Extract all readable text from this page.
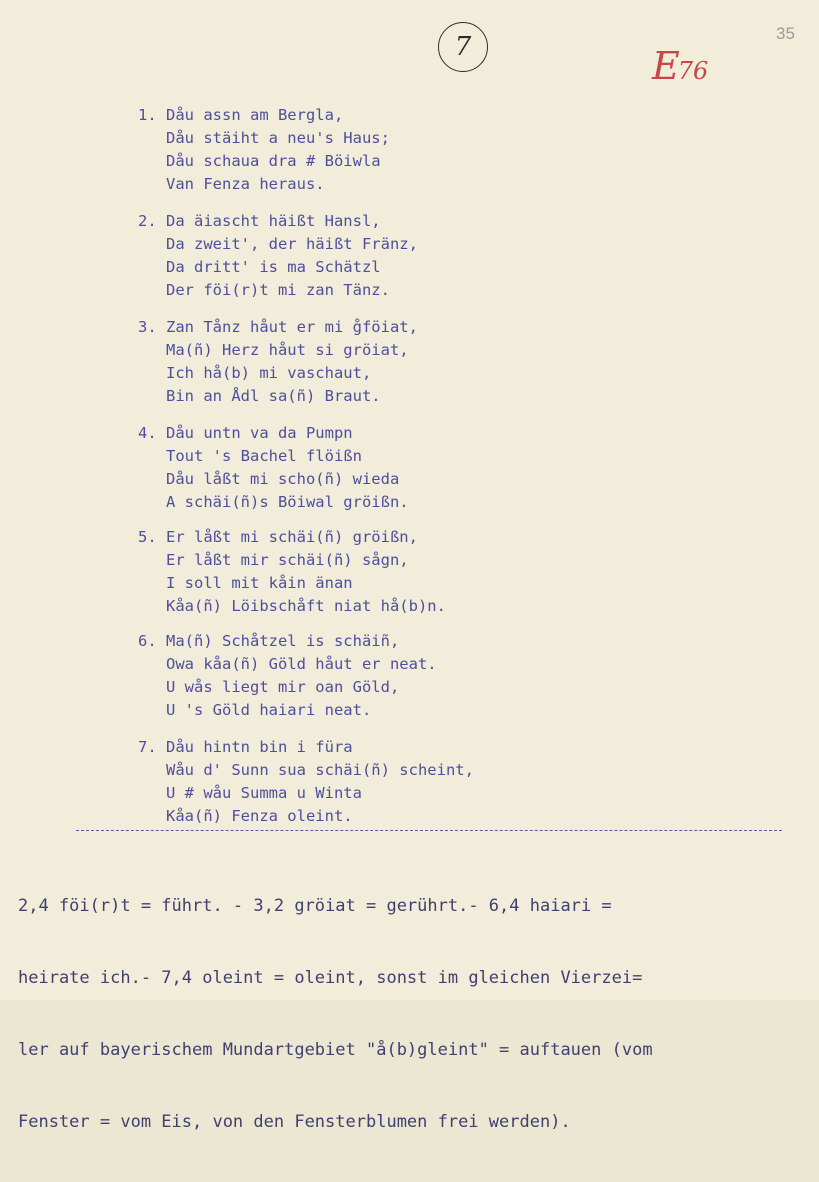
35
7	E76
1. Dåu assn am Bergla,
Dåu stäiht a neu's Haus;
Dåu schaua dra # Böiwla
Van Fenza heraus.
2. Da äiascht häißt Hansl,
Da zweit', der häißt Fränz,
Da dritt' is ma Schätzl
Der föi(r)t mi zan Tänz.
3. Zan Tånz håut er mi g̊föiat,
Ma(ñ) Herz håut si gröiat,
Ich hå(b) mi vaschaut,
Bin an Ådl sa(ñ) Braut.
4. Dåu untn va da Pumpn
Tout 's Bachel flöißn
Dåu låßt mi scho(ñ) wieda
A schäi(ñ)s Böiwal gröißn.
5. Er låßt mi schäi(ñ) gröißn,
Er låßt mir schäi(ñ) sågn,
I soll mit kåin änan
Kåa(ñ) Löibschåft niat hå(b)n.
6. Ma(ñ) Schåtzel is schäiñ,
Owa kåa(ñ) Göld håut er neat.
U wås liegt mir oan Göld,
U 's Göld haiari neat.
7. Dåu hintn bin i füra
Wåu d' Sunn sua schäi(ñ) scheint,
U # wåu Summa u Winta
Kåa(ñ) Fenza oleint.

2,4 föi(r)t = führt. - 3,2 gröiat = gerührt.- 6,4 haiari =

heirate ich.- 7,4 oleint = oleint, sonst im gleichen Vierzei=

ler auf bayerischem Mundartgebiet "å(b)gleint" = auftauen (vom

Fenster = vom Eis, von den Fensterblumen frei werden).
